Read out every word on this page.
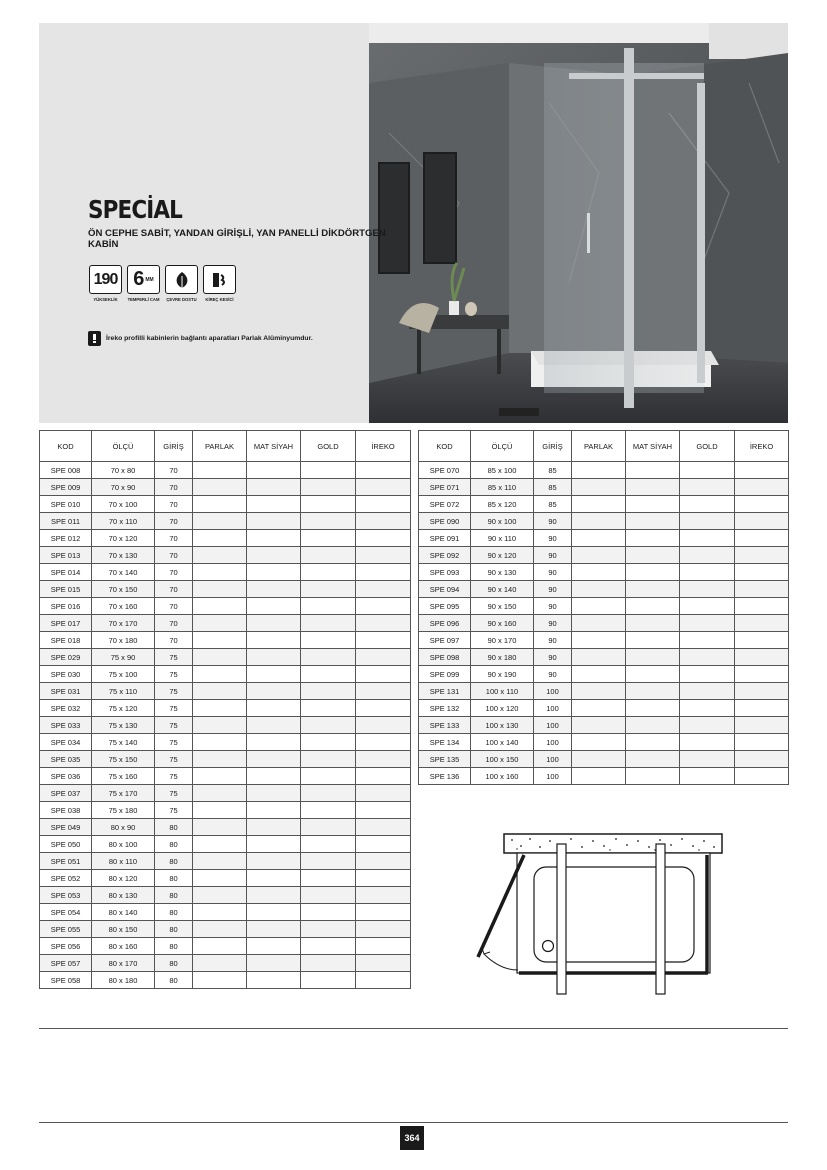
SPECİAL

ÖN CEPHE SABİT, YANDAN GİRİŞLİ, YAN PANELLİ DİKDÖRTGEN KABİN

190
YÜKSEKLİK
6 MM
TEMPERLİ CAM	ÇEVRE DOSTU	KİREÇ KESİCİ
İreko profilli kabinlerin bağlantı aparatları Parlak Alüminyumdur.
KOD	ÖLÇÜ	GİRİŞ	PARLAK	MAT SİYAH	GOLD	İREKO
SPE 008	70 x 80	70				
SPE 009	70 x 90	70				
SPE 010	70 x 100	70				
SPE 011	70 x 110	70				
SPE 012	70 x 120	70				
SPE 013	70 x 130	70				
SPE 014	70 x 140	70				
SPE 015	70 x 150	70				
SPE 016	70 x 160	70				
SPE 017	70 x 170	70				
SPE 018	70 x 180	70				
SPE 029	75 x 90	75				
SPE 030	75 x 100	75				
SPE 031	75 x 110	75				
SPE 032	75 x 120	75				
SPE 033	75 x 130	75				
SPE 034	75 x 140	75				
SPE 035	75 x 150	75				
SPE 036	75 x 160	75				
SPE 037	75 x 170	75				
SPE 038	75 x 180	75				
SPE 049	80 x 90	80				
SPE 050	80 x 100	80				
SPE 051	80 x 110	80				
SPE 052	80 x 120	80				
SPE 053	80 x 130	80				
SPE 054	80 x 140	80				
SPE 055	80 x 150	80				
SPE 056	80 x 160	80				
SPE 057	80 x 170	80				
SPE 058	80 x 180	80				
KOD	ÖLÇÜ	GİRİŞ	PARLAK	MAT SİYAH	GOLD	İREKO
SPE 070	85 x 100	85				
SPE 071	85 x 110	85				
SPE 072	85 x 120	85				
SPE 090	90 x 100	90				
SPE 091	90 x 110	90				
SPE 092	90 x 120	90				
SPE 093	90 x 130	90				
SPE 094	90 x 140	90				
SPE 095	90 x 150	90				
SPE 096	90 x 160	90				
SPE 097	90 x 170	90				
SPE 098	90 x 180	90				
SPE 099	90 x 190	90				
SPE 131	100 x 110	100				
SPE 132	100 x 120	100				
SPE 133	100 x 130	100				
SPE 134	100 x 140	100				
SPE 135	100 x 150	100				
SPE 136	100 x 160	100				
364
